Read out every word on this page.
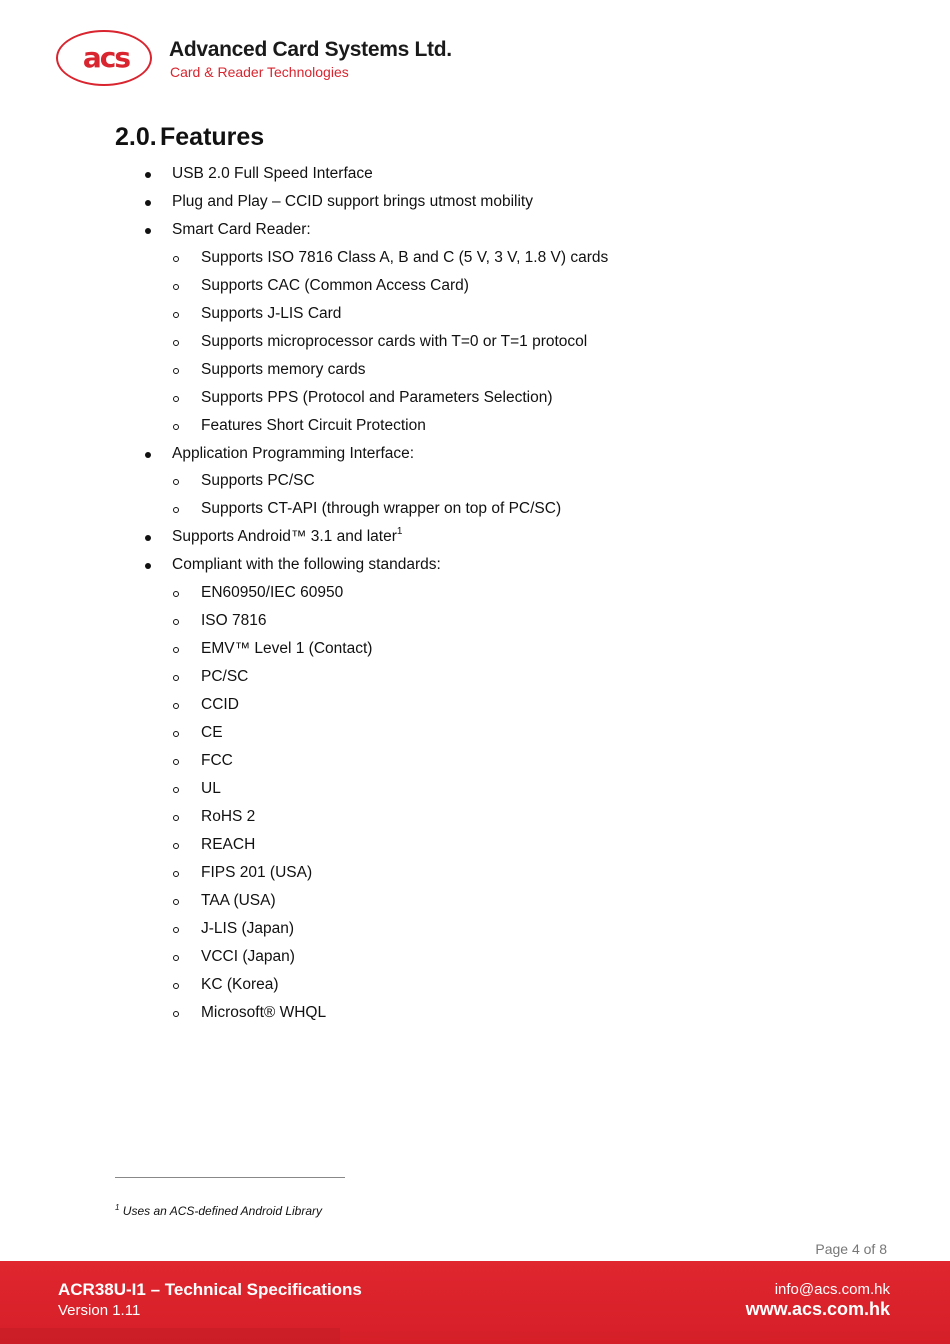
acs	Advanced Card Systems Ltd.
Card & Reader Technologies
2.0. Features
USB 2.0 Full Speed Interface
Plug and Play – CCID support brings utmost mobility
Smart Card Reader:
Supports ISO 7816 Class A, B and C (5 V, 3 V, 1.8 V) cards
Supports CAC (Common Access Card)
Supports J-LIS Card
Supports microprocessor cards with T=0 or T=1 protocol
Supports memory cards
Supports PPS (Protocol and Parameters Selection)
Features Short Circuit Protection
Application Programming Interface:
Supports PC/SC
Supports CT-API (through wrapper on top of PC/SC)
Supports Android™ 3.1 and later$^1$
Compliant with the following standards:
EN60950/IEC 60950
ISO 7816
EMV™ Level 1 (Contact)
PC/SC
CCID
CE
FCC
UL
RoHS 2
REACH
FIPS 201 (USA)
TAA (USA)
J-LIS (Japan)
VCCI (Japan)
KC (Korea)
Microsoft® WHQL
$^1$ Uses an ACS-defined Android Library
Page 4 of 8
ACR38U-I1 – Technical Specifications
Version 1.11
info@acs.com.hk
www.acs.com.hk
